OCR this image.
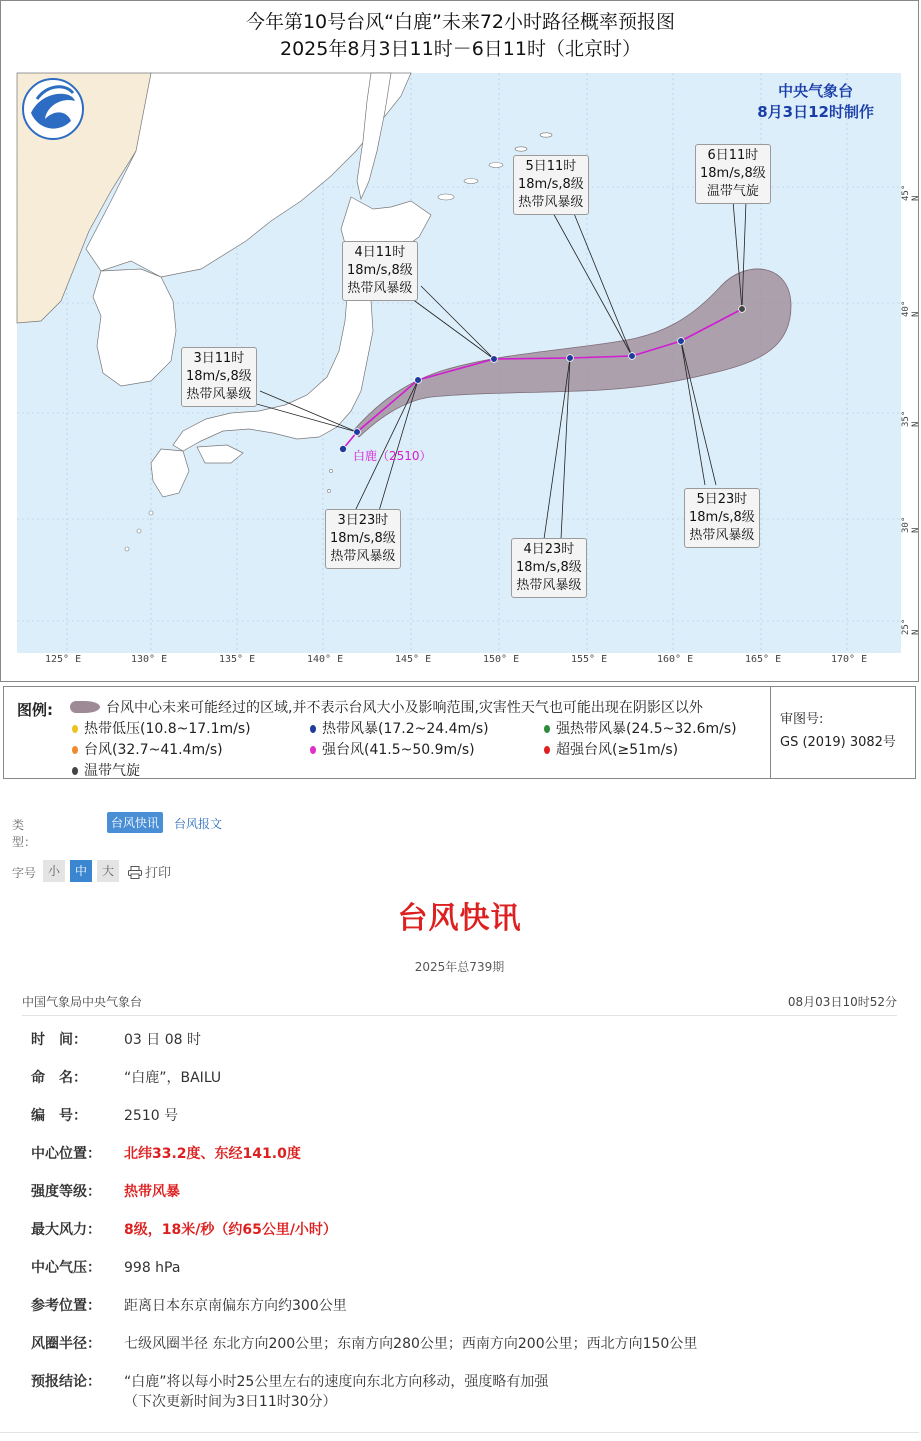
今年第10号台风“白鹿”未来72小时路径概率预报图
2025年8月3日11时－6日11时（北京时）
中央气象台
8月3日12时制作
白鹿（2510）
3日11时
18m/s,8级
热带风暴级
3日23时
18m/s,8级
热带风暴级
4日11时
18m/s,8级
热带风暴级
4日23时
18m/s,8级
热带风暴级
5日11时
18m/s,8级
热带风暴级
5日23时
18m/s,8级
热带风暴级
6日11时
18m/s,8级
温带气旋
125° E	130° E	135° E	140° E	145° E	150° E	155° E	160° E	165° E	170° E
45° N
40° N
35° N
30° N
25° N
图例:	台风中心未来可能经过的区域,并不表示台风大小及影响范围,灾害性天气也可能出现在阴影区以外
热带低压(10.8~17.1m/s)	热带风暴(17.2~24.4m/s)	强热带风暴(24.5~32.6m/s)
台风(32.7~41.4m/s)	强台风(41.5~50.9m/s)	超强台风(≥51m/s)
温带气旋
审图号:
GS (2019) 3082号
类型：
台风快讯	台风报文
字号 小	中	大	打印
台风快讯
2025年总739期
中国气象局中央气象台	08月03日10时52分
时　间：	03 日 08 时
命　名：	“白鹿”，BAILU
编　号：	2510 号
中心位置： 北纬33.2度、东经141.0度
强度等级： 热带风暴
最大风力： 8级，18米/秒（约65公里/小时）
中心气压： 998 hPa
参考位置： 距离日本东京南偏东方向约300公里
风圈半径： 七级风圈半径 东北方向200公里；东南方向280公里；西南方向200公里；西北方向150公里
预报结论： “白鹿”将以每小时25公里左右的速度向东北方向移动，强度略有加强
（下次更新时间为3日11时30分）
